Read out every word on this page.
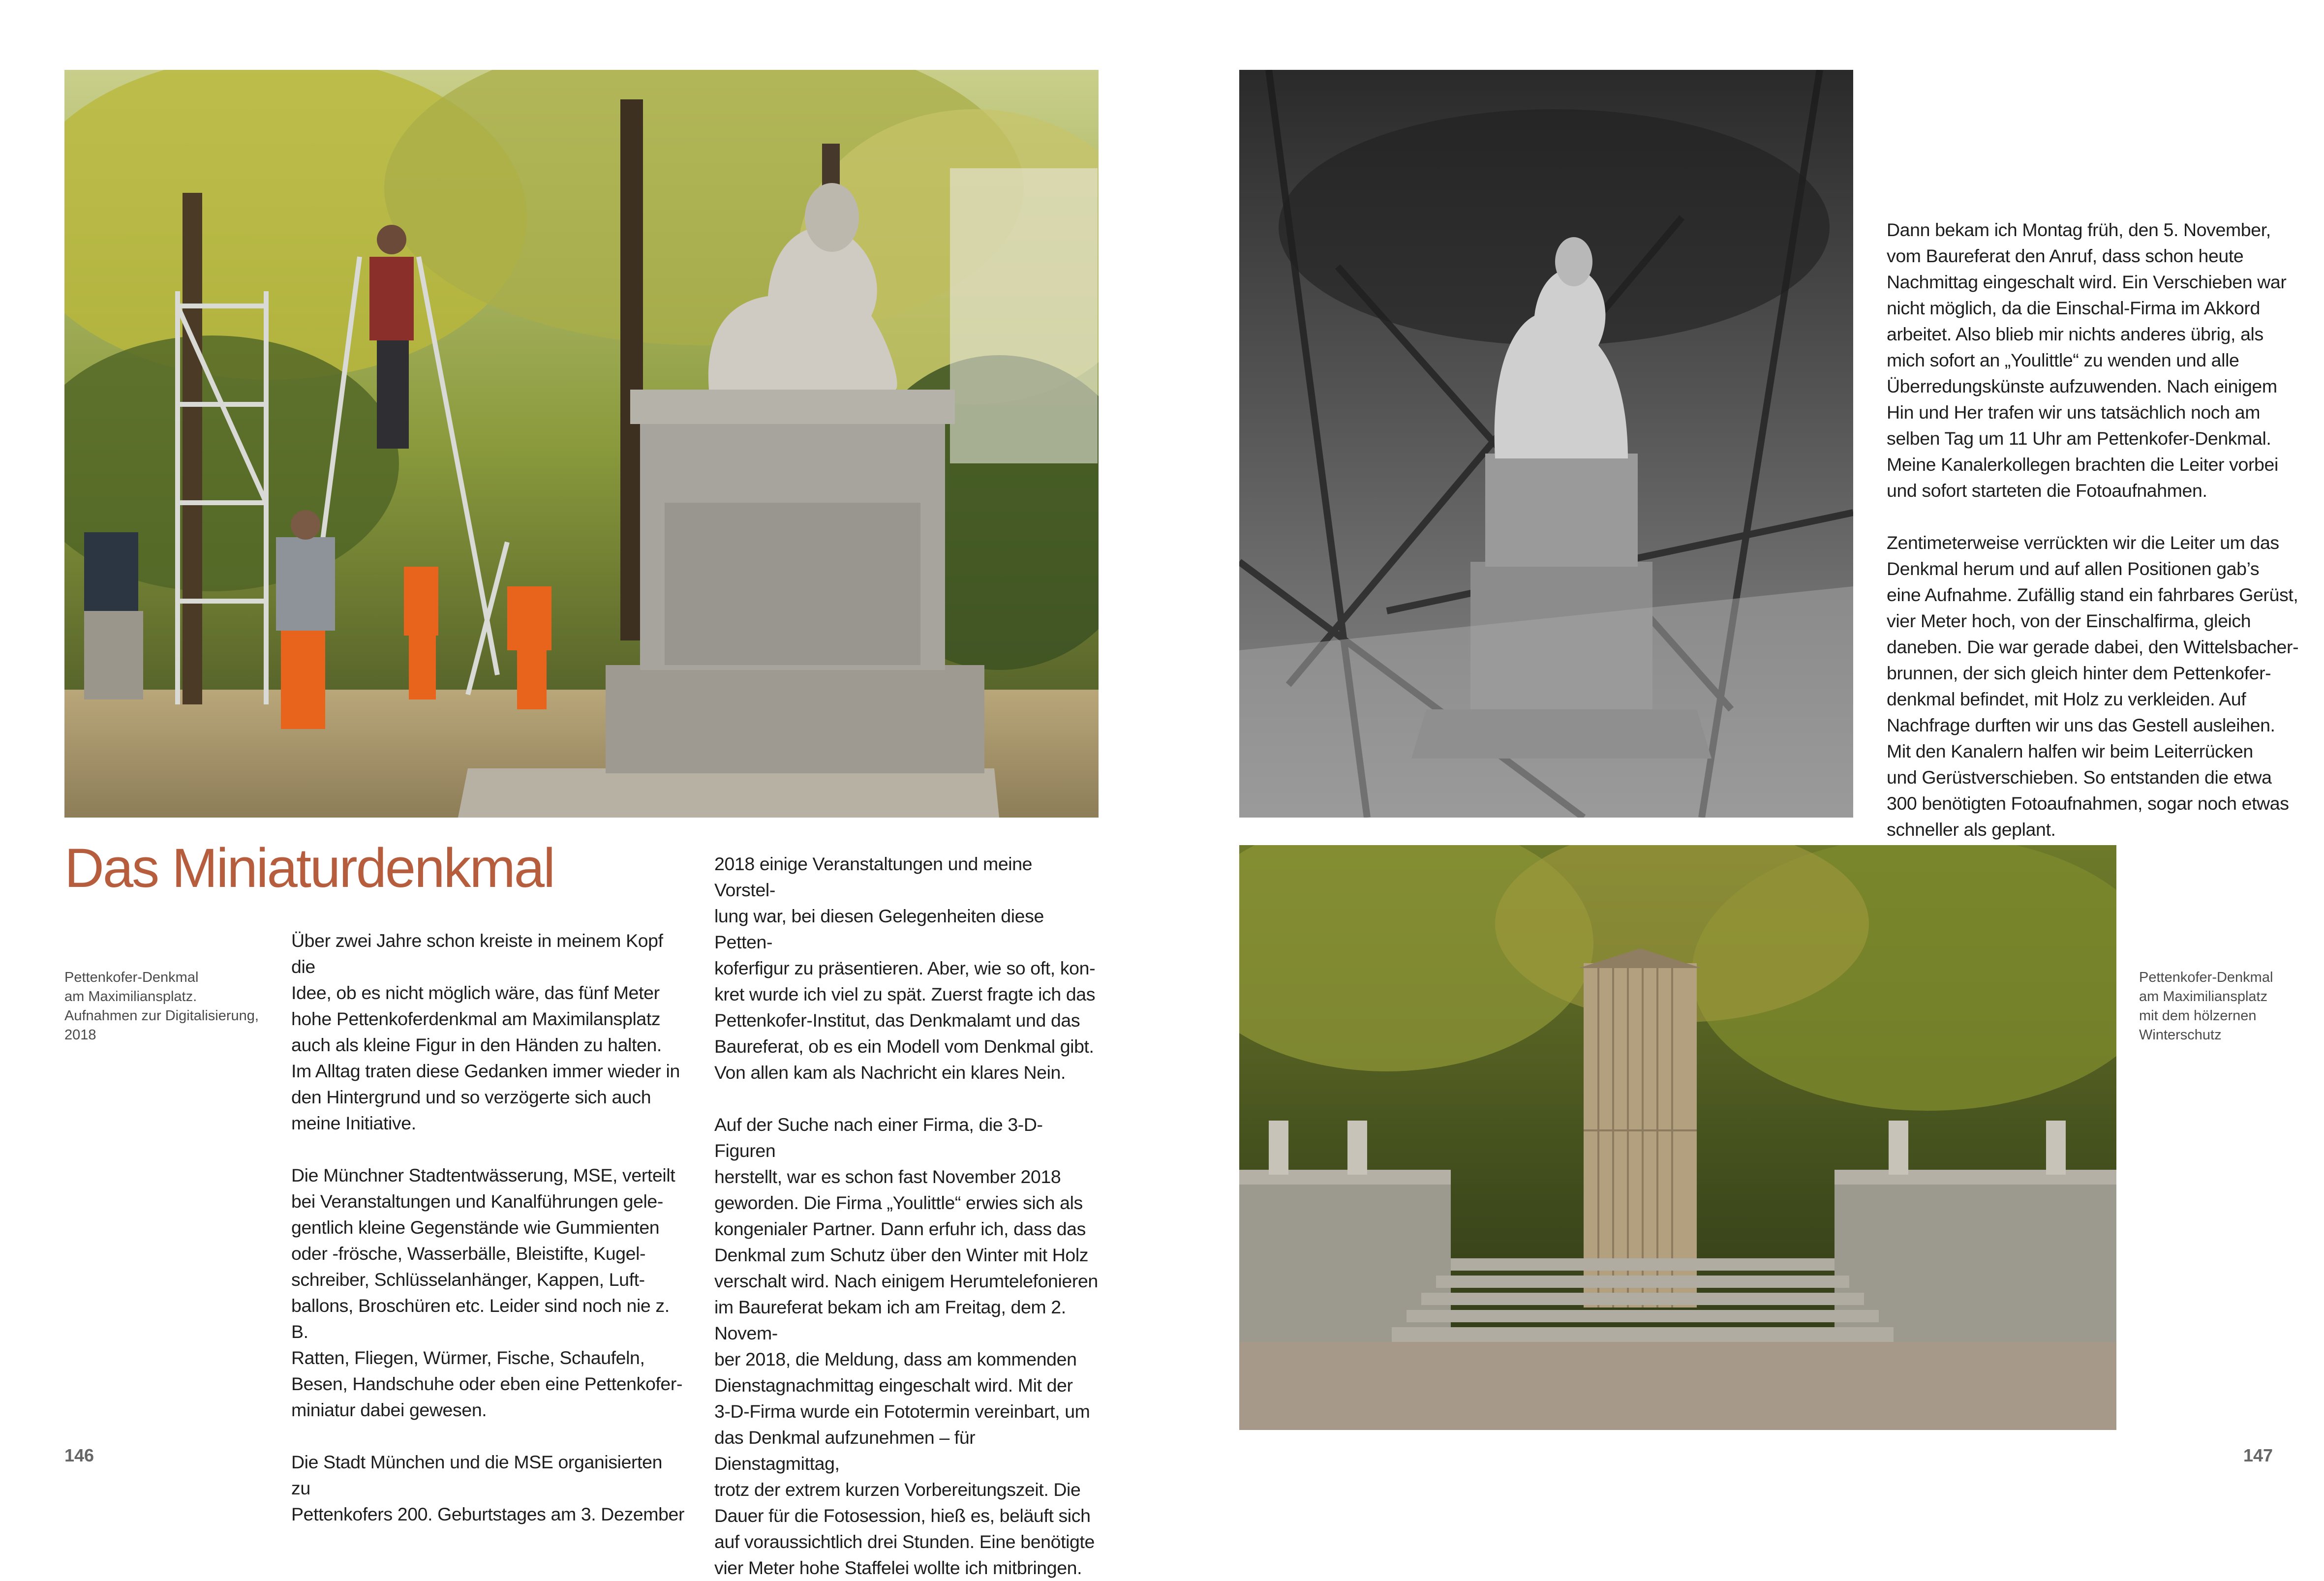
Das Miniaturdenkmal

Pettenkofer-Denkmal
am Maximiliansplatz.
Aufnahmen zur Digitalisierung,
2018

Pettenkofer-Denkmal
am Maximiliansplatz
mit dem hölzernen
Winterschutz

Über zwei Jahre schon kreiste in meinem Kopf die
Idee, ob es nicht möglich wäre, das fünf Meter
hohe Pettenkoferdenkmal am Maximilansplatz
auch als kleine Figur in den Händen zu halten.
Im Alltag traten diese Gedanken immer wieder in
den Hintergrund und so verzögerte sich auch
meine Initiative.

Die Münchner Stadtentwässerung, MSE, verteilt
bei Veranstaltungen und Kanalführungen gele-
gentlich kleine Gegenstände wie Gummienten
oder -frösche, Wasserbälle, Bleistifte, Kugel-
schreiber, Schlüsselanhänger, Kappen, Luft-
ballons, Broschüren etc. Leider sind noch nie z. B.
Ratten, Fliegen, Würmer, Fische, Schaufeln,
Besen, Handschuhe oder eben eine Pettenkofer-
miniatur dabei gewesen.

Die Stadt München und die MSE organisierten zu
Pettenkofers 200. Geburtstages am 3. Dezember

2018 einige Veranstaltungen und meine Vorstel-
lung war, bei diesen Gelegenheiten diese Petten-
koferfigur zu präsentieren. Aber, wie so oft, kon-
kret wurde ich viel zu spät. Zuerst fragte ich das
Pettenkofer-Institut, das Denkmalamt und das
Baureferat, ob es ein Modell vom Denkmal gibt.
Von allen kam als Nachricht ein klares Nein.

Auf der Suche nach einer Firma, die 3-D-Figuren
herstellt, war es schon fast November 2018
geworden. Die Firma „Youlittle“ erwies sich als
kongenialer Partner. Dann erfuhr ich, dass das
Denkmal zum Schutz über den Winter mit Holz
verschalt wird. Nach einigem Herumtelefonieren
im Baureferat bekam ich am Freitag, dem 2. Novem-
ber 2018, die Meldung, dass am kommenden
Dienstagnachmittag eingeschalt wird. Mit der
3-D-Firma wurde ein Fototermin vereinbart, um
das Denkmal aufzunehmen – für Dienstagmittag,
trotz der extrem kurzen Vorbereitungszeit. Die
Dauer für die Fotosession, hieß es, beläuft sich
auf voraussichtlich drei Stunden. Eine benötigte
vier Meter hohe Staffelei wollte ich mitbringen.

Dann bekam ich Montag früh, den 5. November,
vom Baureferat den Anruf, dass schon heute
Nachmittag eingeschalt wird. Ein Verschieben war
nicht möglich, da die Einschal-Firma im Akkord
arbeitet. Also blieb mir nichts anderes übrig, als
mich sofort an „Youlittle“ zu wenden und alle
Überredungskünste aufzuwenden. Nach einigem
Hin und Her trafen wir uns tatsächlich noch am
selben Tag um 11 Uhr am Pettenkofer-Denkmal.
Meine Kanalerkollegen brachten die Leiter vorbei
und sofort starteten die Fotoaufnahmen.

Zentimeterweise verrückten wir die Leiter um das
Denkmal herum und auf allen Positionen gab’s
eine Aufnahme. Zufällig stand ein fahrbares Gerüst,
vier Meter hoch, von der Einschalfirma, gleich
daneben. Die war gerade dabei, den Wittelsbacher-
brunnen, der sich gleich hinter dem Pettenkofer-
denkmal befindet, mit Holz zu verkleiden. Auf
Nachfrage durften wir uns das Gestell ausleihen.
Mit den Kanalern halfen wir beim Leiterrücken
und Gerüstverschieben. So entstanden die etwa
300 benötigten Fotoaufnahmen, sogar noch etwas
schneller als geplant.

146	147
